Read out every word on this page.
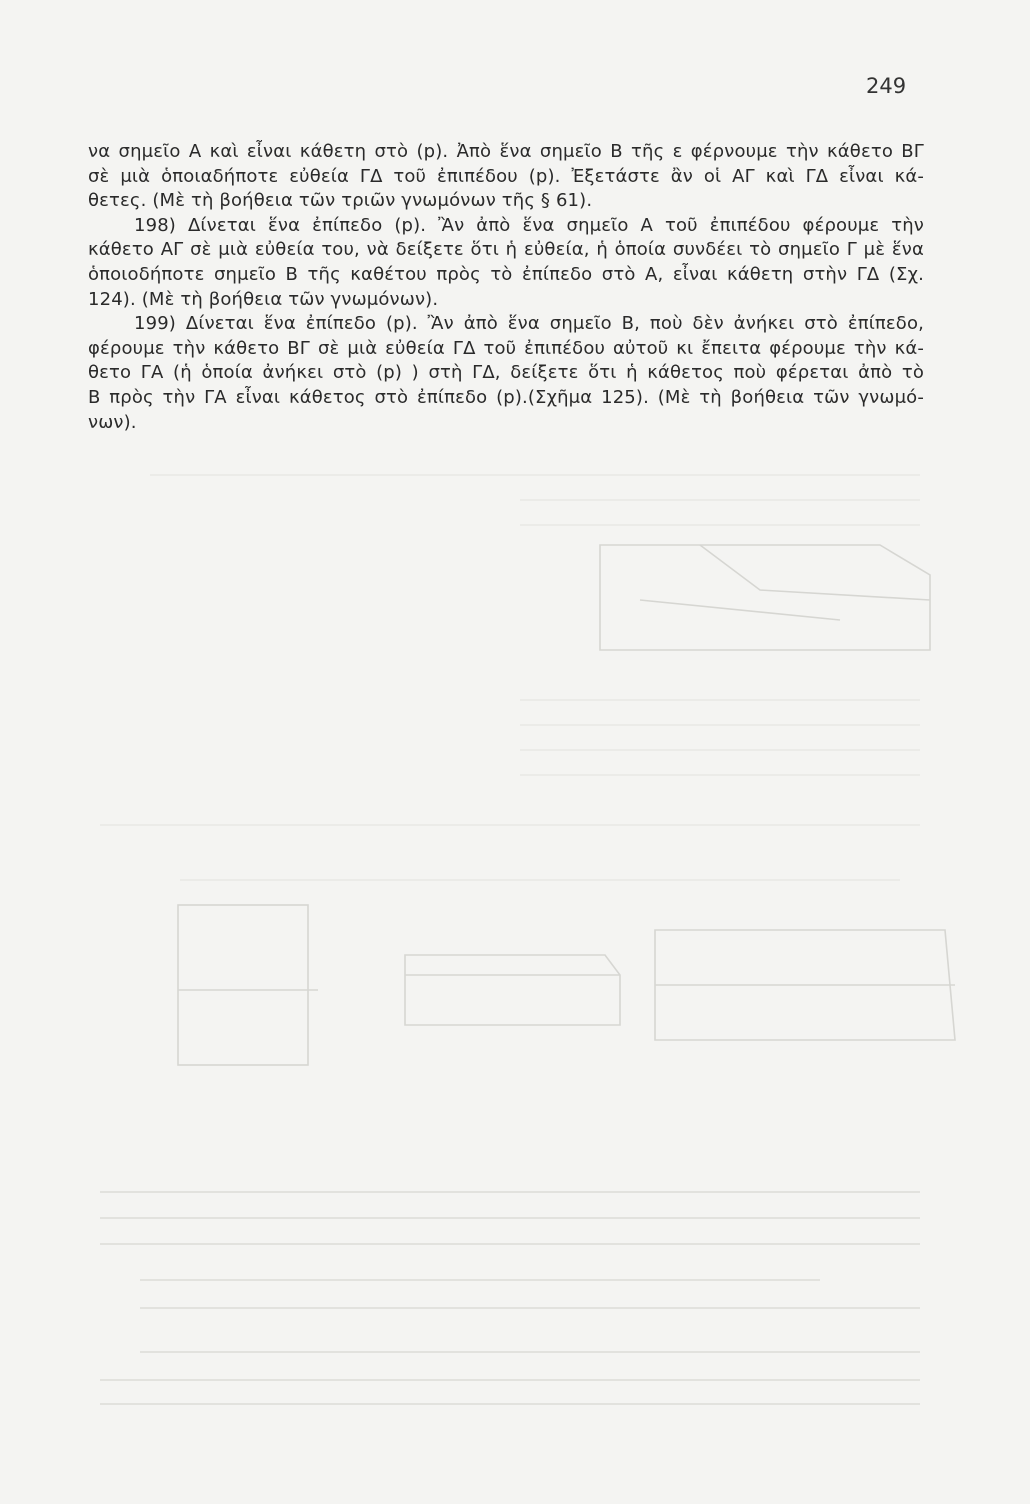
249
να σημεῖο Α καὶ εἶναι κάθετη στὸ (p). Ἀπὸ ἕνα σημεῖο Β τῆς ε φέρνουμε τὴν κάθετο ΒΓ
σὲ μιὰ ὁποιαδήποτε εὐθεία ΓΔ τοῦ ἐπιπέδου (p). Ἐξετάστε ἂν οἱ ΑΓ καὶ ΓΔ εἶναι κά-
θετες. (Μὲ τὴ βοήθεια τῶν τριῶν γνωμόνων τῆς § 61).
198) Δίνεται ἕνα ἐπίπεδο (p). Ἂν ἀπὸ ἕνα σημεῖο Α τοῦ ἐπιπέδου φέρουμε τὴν
κάθετο ΑΓ σὲ μιὰ εὐθεία του, νὰ δείξετε ὅτι ἡ εὐθεία, ἡ ὁποία συνδέει τὸ σημεῖο Γ μὲ ἕνα
ὁποιοδήποτε σημεῖο Β τῆς καθέτου πρὸς τὸ ἐπίπεδο στὸ Α, εἶναι κάθετη στὴν ΓΔ (Σχ.
124). (Μὲ τὴ βοήθεια τῶν γνωμόνων).
199) Δίνεται ἕνα ἐπίπεδο (p). Ἂν ἀπὸ ἕνα σημεῖο Β, ποὺ δὲν ἀνήκει στὸ ἐπίπεδο,
φέρουμε τὴν κάθετο ΒΓ σὲ μιὰ εὐθεία ΓΔ τοῦ ἐπιπέδου αὐτοῦ κι ἔπειτα φέρουμε τὴν κά-
θετο ΓΑ (ἡ ὁποία ἀνήκει στὸ (p) ) στὴ ΓΔ, δείξετε ὅτι ἡ κάθετος ποὺ φέρεται ἀπὸ τὸ
Β πρὸς τὴν ΓΑ εἶναι κάθετος στὸ ἐπίπεδο (p).(Σχῆμα 125). (Μὲ τὴ βοήθεια τῶν γνωμό-
νων).
